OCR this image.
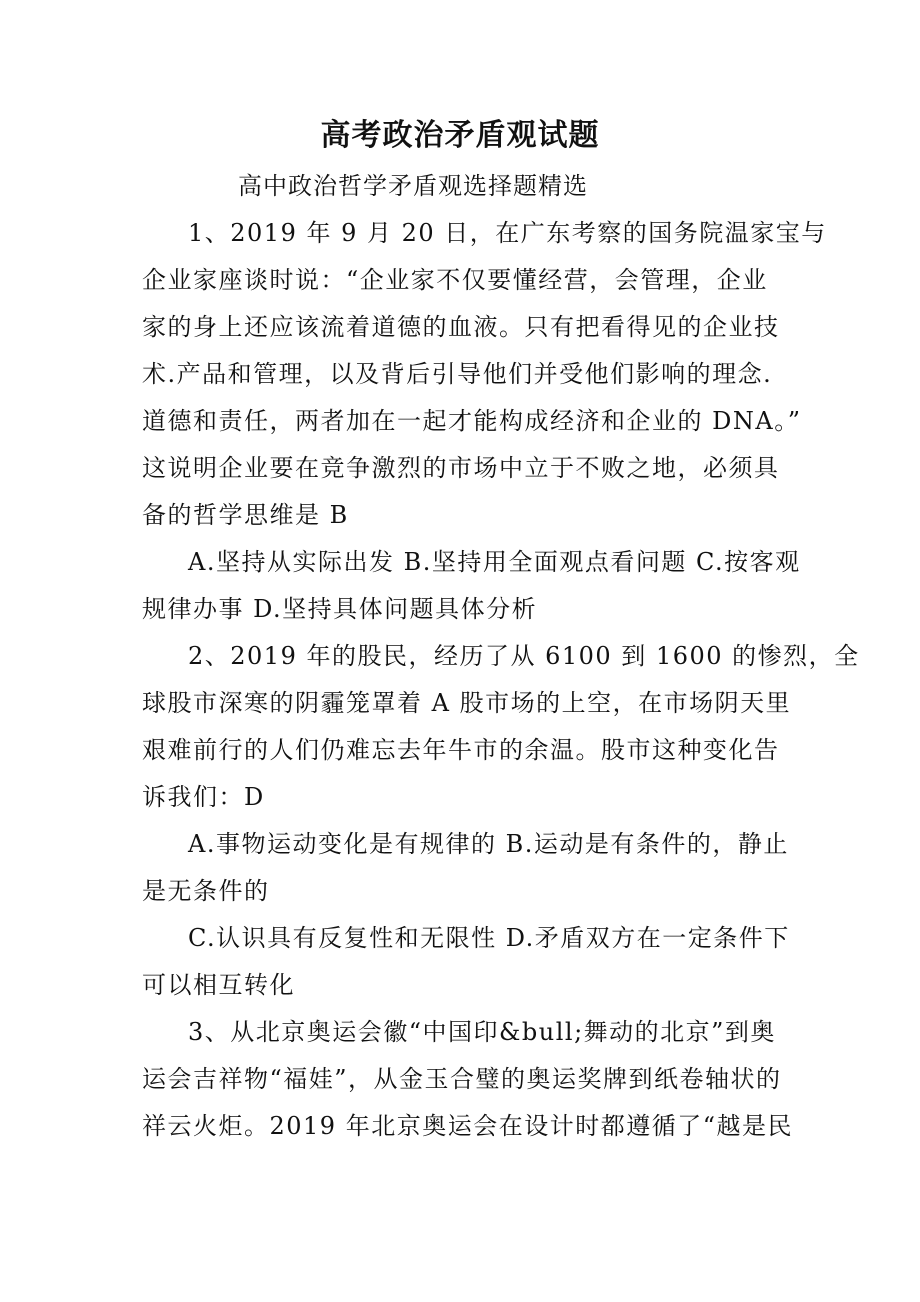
高考政治矛盾观试题

高中政治哲学矛盾观选择题精选

1、2019 年 9 月 20 日，在广东考察的国务院温家宝与
企业家座谈时说：“企业家不仅要懂经营，会管理，企业
家的身上还应该流着道德的血液。只有把看得见的企业技
术.产品和管理，以及背后引导他们并受他们影响的理念.
道德和责任，两者加在一起才能构成经济和企业的 DNA。”
这说明企业要在竞争激烈的市场中立于不败之地，必须具
备的哲学思维是 B
A.坚持从实际出发 B.坚持用全面观点看问题 C.按客观
规律办事 D.坚持具体问题具体分析
2、2019 年的股民，经历了从 6100 到 1600 的惨烈，全
球股市深寒的阴霾笼罩着 A 股市场的上空，在市场阴天里
艰难前行的人们仍难忘去年牛市的余温。股市这种变化告
诉我们：D
A.事物运动变化是有规律的 B.运动是有条件的，静止
是无条件的
C.认识具有反复性和无限性 D.矛盾双方在一定条件下
可以相互转化
3、从北京奥运会徽“中国印&bull;舞动的北京”到奥
运会吉祥物“福娃”，从金玉合璧的奥运奖牌到纸卷轴状的
祥云火炬。2019 年北京奥运会在设计时都遵循了“越是民
